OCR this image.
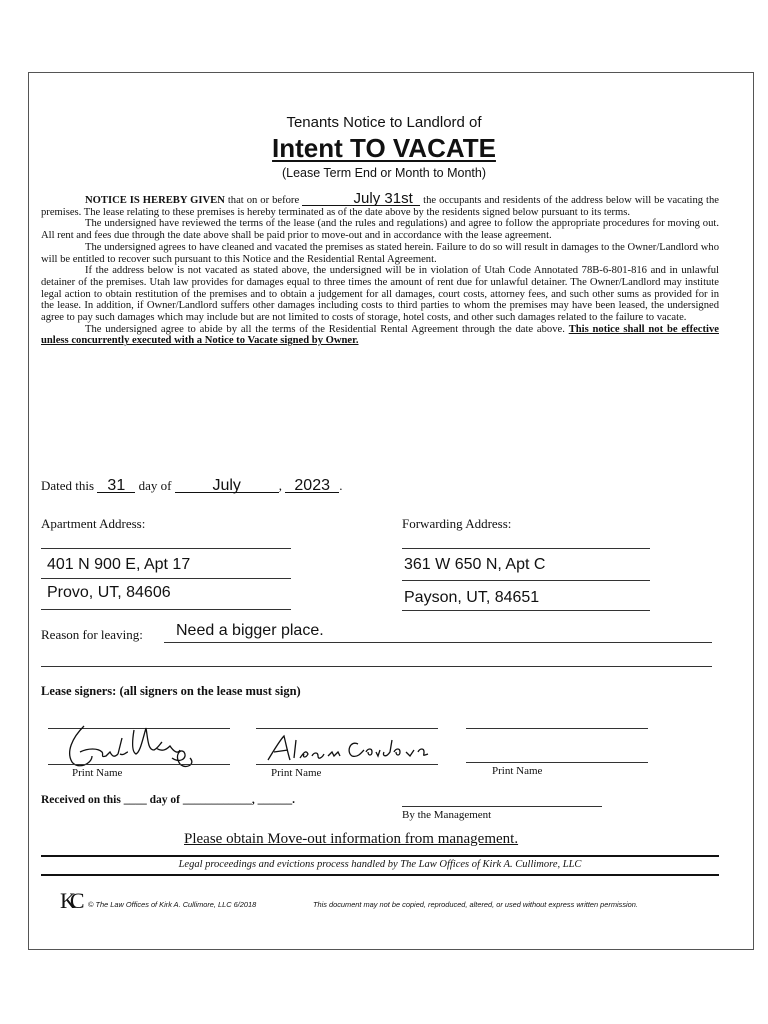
Tenants Notice to Landlord of
Intent TO VACATE
(Lease Term End or Month to Month)

NOTICE IS HEREBY GIVEN that on or before	July 31st the occupants and residents of the address below will be vacating the premises. The lease relating to these premises is hereby terminated as of the date above by the residents signed below pursuant to its terms.

The undersigned have reviewed the terms of the lease (and the rules and regulations) and agree to follow the appropriate procedures for moving out. All rent and fees due through the date above shall be paid prior to move-out and in accordance with the lease agreement.

The undersigned agrees to have cleaned and vacated the premises as stated herein. Failure to do so will result in damages to the Owner/Landlord who will be entitled to recover such pursuant to this Notice and the Residential Rental Agreement.

If the address below is not vacated as stated above, the undersigned will be in violation of Utah Code Annotated 78B-6-801-816 and in unlawful detainer of the premises. Utah law provides for damages equal to three times the amount of rent due for unlawful detainer. The Owner/Landlord may institute legal action to obtain restitution of the premises and to obtain a judgement for all damages, court costs, attorney fees, and such other sums as provided for in the lease. In addition, if Owner/Landlord suffers other damages including costs to third parties to whom the premises may have been leased, the undersigned agree to pay such damages which may include but are not limited to costs of storage, hotel costs, and other such damages related to the failure to vacate.

The undersigned agree to abide by all the terms of the Residential Rental Agreement through the date above. This notice shall not be effective unless concurrently executed with a Notice to Vacate signed by Owner.

Dated this 31 day of	July	, 2023 .
Apartment Address:	Forwarding Address:
401 N 900 E, Apt 17
Provo, UT, 84606
361 W 650 N, Apt C
Payson, UT, 84651
Reason for leaving: Need a bigger place.
Lease signers: (all signers on the lease must sign)
Print Name	Print Name	Print Name
Received on this ____ day of ____________, ______.
By the Management
Please obtain Move-out information from management.
Legal proceedings and evictions process handled by The Law Offices of Kirk A. Cullimore, LLC
KC © The Law Offices of Kirk A. Cullimore, LLC 6/2018	This document may not be copied, reproduced, altered, or used without express written permission.
